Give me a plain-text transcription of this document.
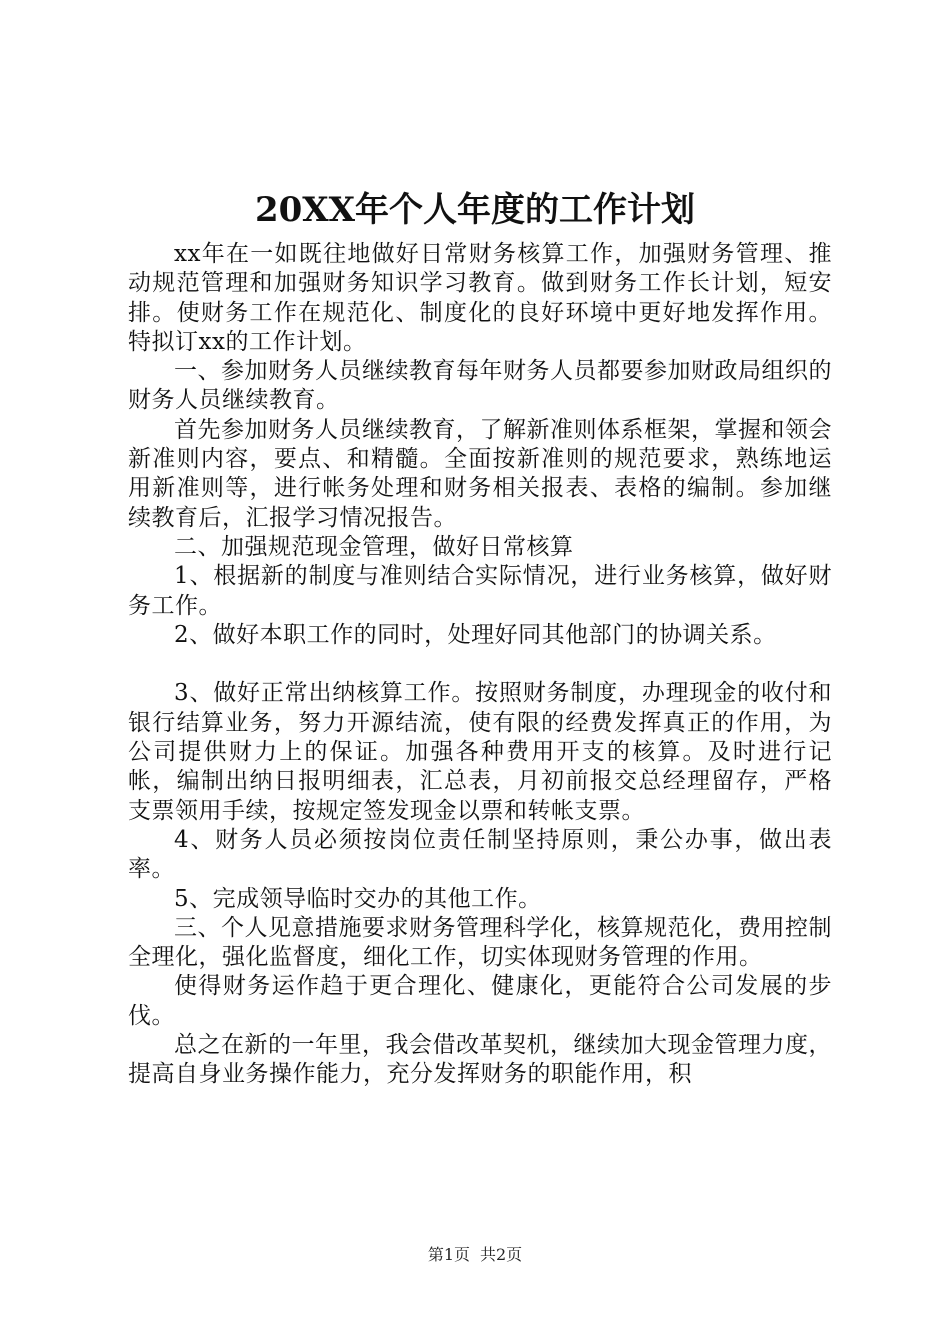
20XX年个人年度的工作计划

xx年在一如既往地做好日常财务核算工作，加强财务管理、推动规范管理和加强财务知识学习教育。做到财务工作长计划，短安排。使财务工作在规范化、制度化的良好环境中更好地发挥作用。特拟订xx的工作计划。

一、参加财务人员继续教育每年财务人员都要参加财政局组织的财务人员继续教育。

首先参加财务人员继续教育，了解新准则体系框架，掌握和领会新准则内容，要点、和精髓。全面按新准则的规范要求，熟练地运用新准则等，进行帐务处理和财务相关报表、表格的编制。参加继续教育后，汇报学习情况报告。

二、加强规范现金管理，做好日常核算

1、根据新的制度与准则结合实际情况，进行业务核算，做好财务工作。

2、做好本职工作的同时，处理好同其他部门的协调关系。

3、做好正常出纳核算工作。按照财务制度，办理现金的收付和银行结算业务，努力开源结流，使有限的经费发挥真正的作用，为公司提供财力上的保证。加强各种费用开支的核算。及时进行记帐，编制出纳日报明细表，汇总表，月初前报交总经理留存，严格支票领用手续，按规定签发现金以票和转帐支票。

4、财务人员必须按岗位责任制坚持原则，秉公办事，做出表率。

5、完成领导临时交办的其他工作。

三、个人见意措施要求财务管理科学化，核算规范化，费用控制全理化，强化监督度，细化工作，切实体现财务管理的作用。

使得财务运作趋于更合理化、健康化，更能符合公司发展的步伐。

总之在新的一年里，我会借改革契机，继续加大现金管理力度，提高自身业务操作能力，充分发挥财务的职能作用，积

第1页 共2页
